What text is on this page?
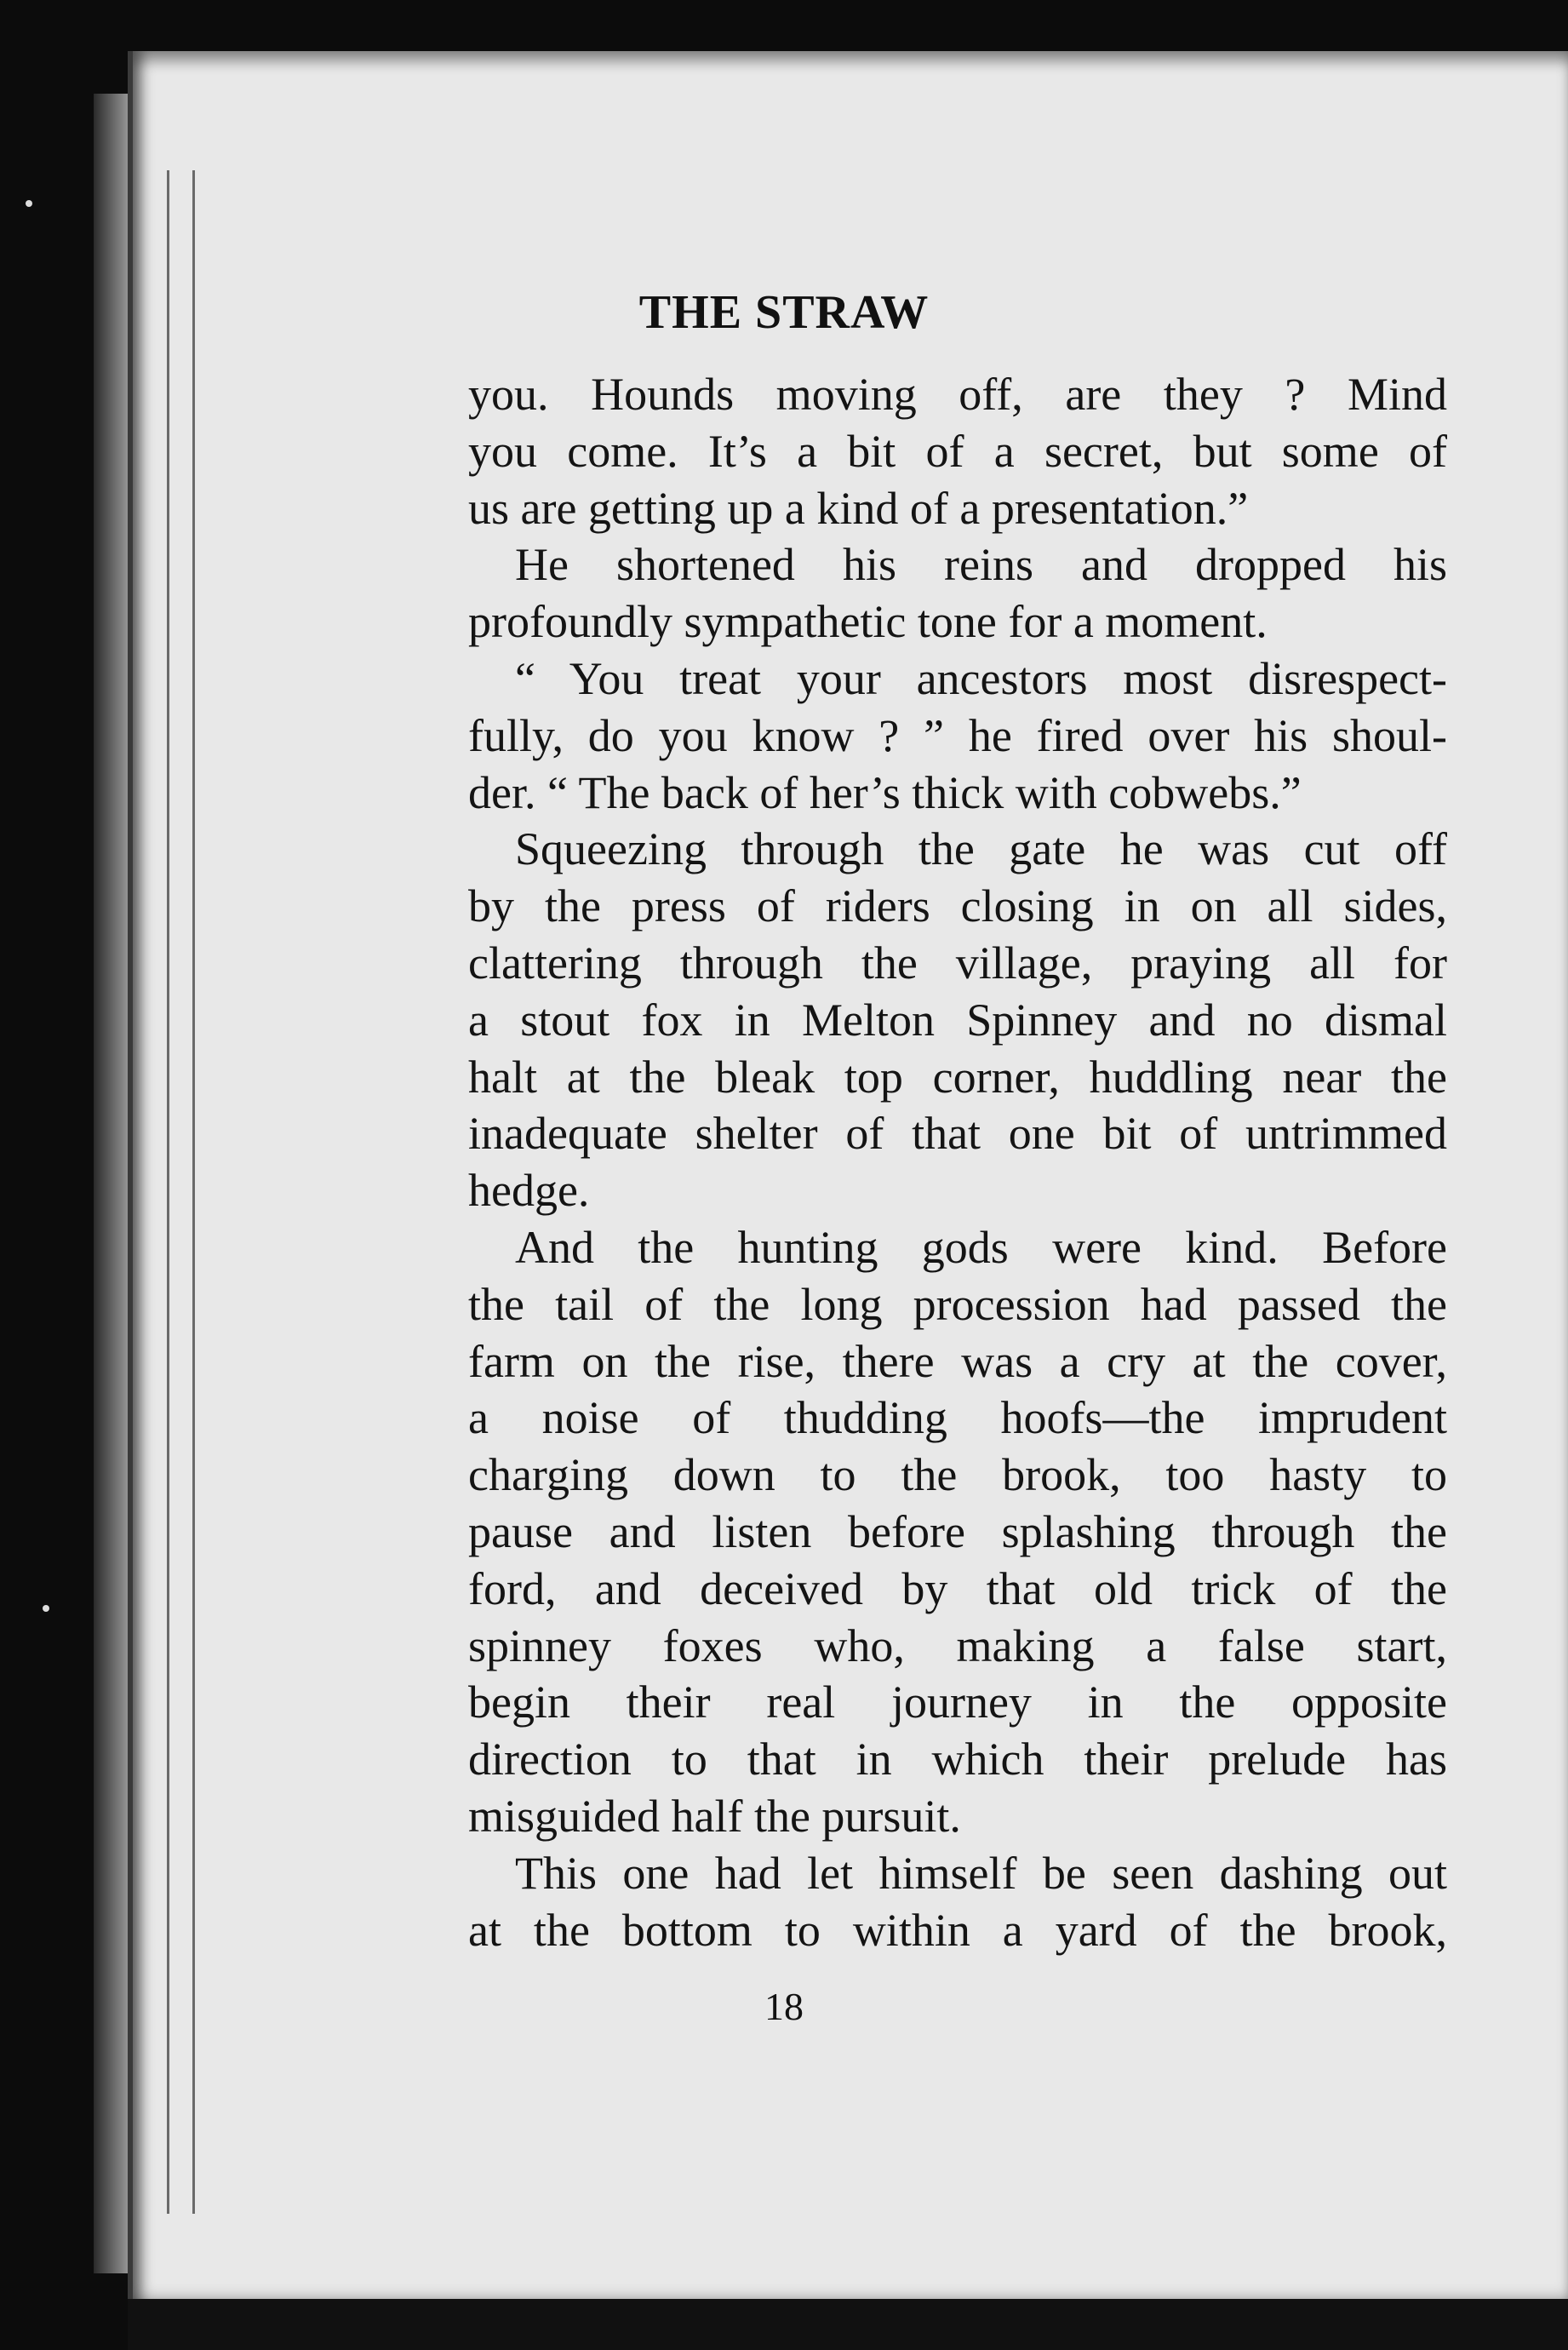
THE STRAW
you. Hounds moving off, are they ? Mind
you come. It’s a bit of a secret, but some of
us are getting up a kind of a presentation.”
He shortened his reins and dropped his
profoundly sympathetic tone for a moment.
“ You treat your ancestors most disrespect-
fully, do you know ? ” he fired over his shoul-
der. “ The back of her’s thick with cobwebs.”
Squeezing through the gate he was cut off
by the press of riders closing in on all sides,
clattering through the village, praying all for
a stout fox in Melton Spinney and no dismal
halt at the bleak top corner, huddling near the
inadequate shelter of that one bit of untrimmed
hedge.
And the hunting gods were kind. Before
the tail of the long procession had passed the
farm on the rise, there was a cry at the cover,
a noise of thudding hoofs—the imprudent
charging down to the brook, too hasty to
pause and listen before splashing through the
ford, and deceived by that old trick of the
spinney foxes who, making a false start,
begin their real journey in the opposite
direction to that in which their prelude has
misguided half the pursuit.
This one had let himself be seen dashing out
at the bottom to within a yard of the brook,
18
